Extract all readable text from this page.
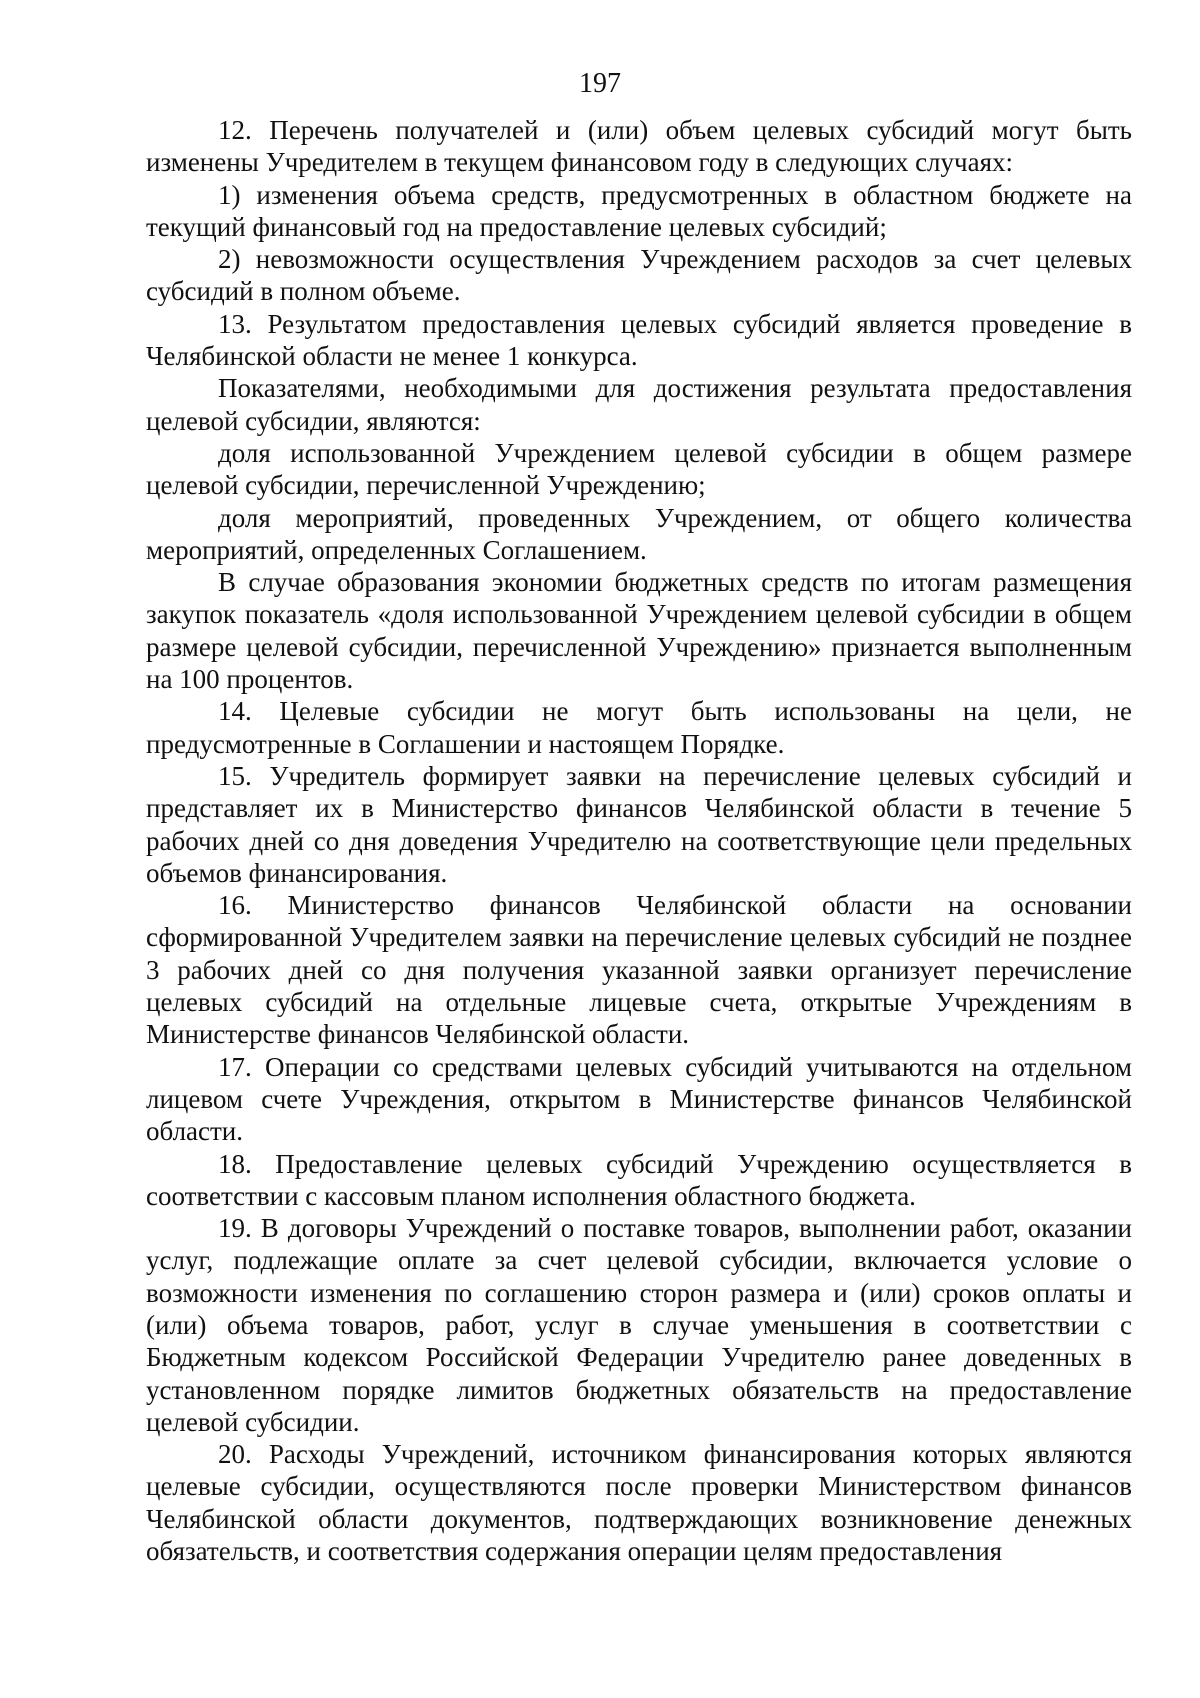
197

12. Перечень получателей и (или) объем целевых субсидий могут быть изменены Учредителем в текущем финансовом году в следующих случаях:

1) изменения объема средств, предусмотренных в областном бюджете на текущий финансовый год на предоставление целевых субсидий;

2) невозможности осуществления Учреждением расходов за счет целевых субсидий в полном объеме.

13. Результатом предоставления целевых субсидий является проведение в Челябинской области не менее 1 конкурса.

Показателями, необходимыми для достижения результата предоставления целевой субсидии, являются:

доля использованной Учреждением целевой субсидии в общем размере целевой субсидии, перечисленной Учреждению;

доля мероприятий, проведенных Учреждением, от общего количества мероприятий, определенных Соглашением.

В случае образования экономии бюджетных средств по итогам размещения закупок показатель «доля использованной Учреждением целевой субсидии в общем размере целевой субсидии, перечисленной Учреждению» признается выполненным на 100 процентов.

14. Целевые субсидии не могут быть использованы на цели, не предусмотренные в Соглашении и настоящем Порядке.

15. Учредитель формирует заявки на перечисление целевых субсидий и представляет их в Министерство финансов Челябинской области в течение 5 рабочих дней со дня доведения Учредителю на соответствующие цели предельных объемов финансирования.

16. Министерство финансов Челябинской области на основании сформированной Учредителем заявки на перечисление целевых субсидий не позднее 3 рабочих дней со дня получения указанной заявки организует перечисление целевых субсидий на отдельные лицевые счета, открытые Учреждениям в Министерстве финансов Челябинской области.

17. Операции со средствами целевых субсидий учитываются на отдельном лицевом счете Учреждения, открытом в Министерстве финансов Челябинской области.

18. Предоставление целевых субсидий Учреждению осуществляется в соответствии с кассовым планом исполнения областного бюджета.

19. В договоры Учреждений о поставке товаров, выполнении работ, оказании услуг, подлежащие оплате за счет целевой субсидии, включается условие о возможности изменения по соглашению сторон размера и (или) сроков оплаты и (или) объема товаров, работ, услуг в случае уменьшения в соответствии с Бюджетным кодексом Российской Федерации Учредителю ранее доведенных в установленном порядке лимитов бюджетных обязательств на предоставление целевой субсидии.

20. Расходы Учреждений, источником финансирования которых являются целевые субсидии, осуществляются после проверки Министерством финансов Челябинской области документов, подтверждающих возникновение денежных обязательств, и соответствия содержания операции целям предоставления
